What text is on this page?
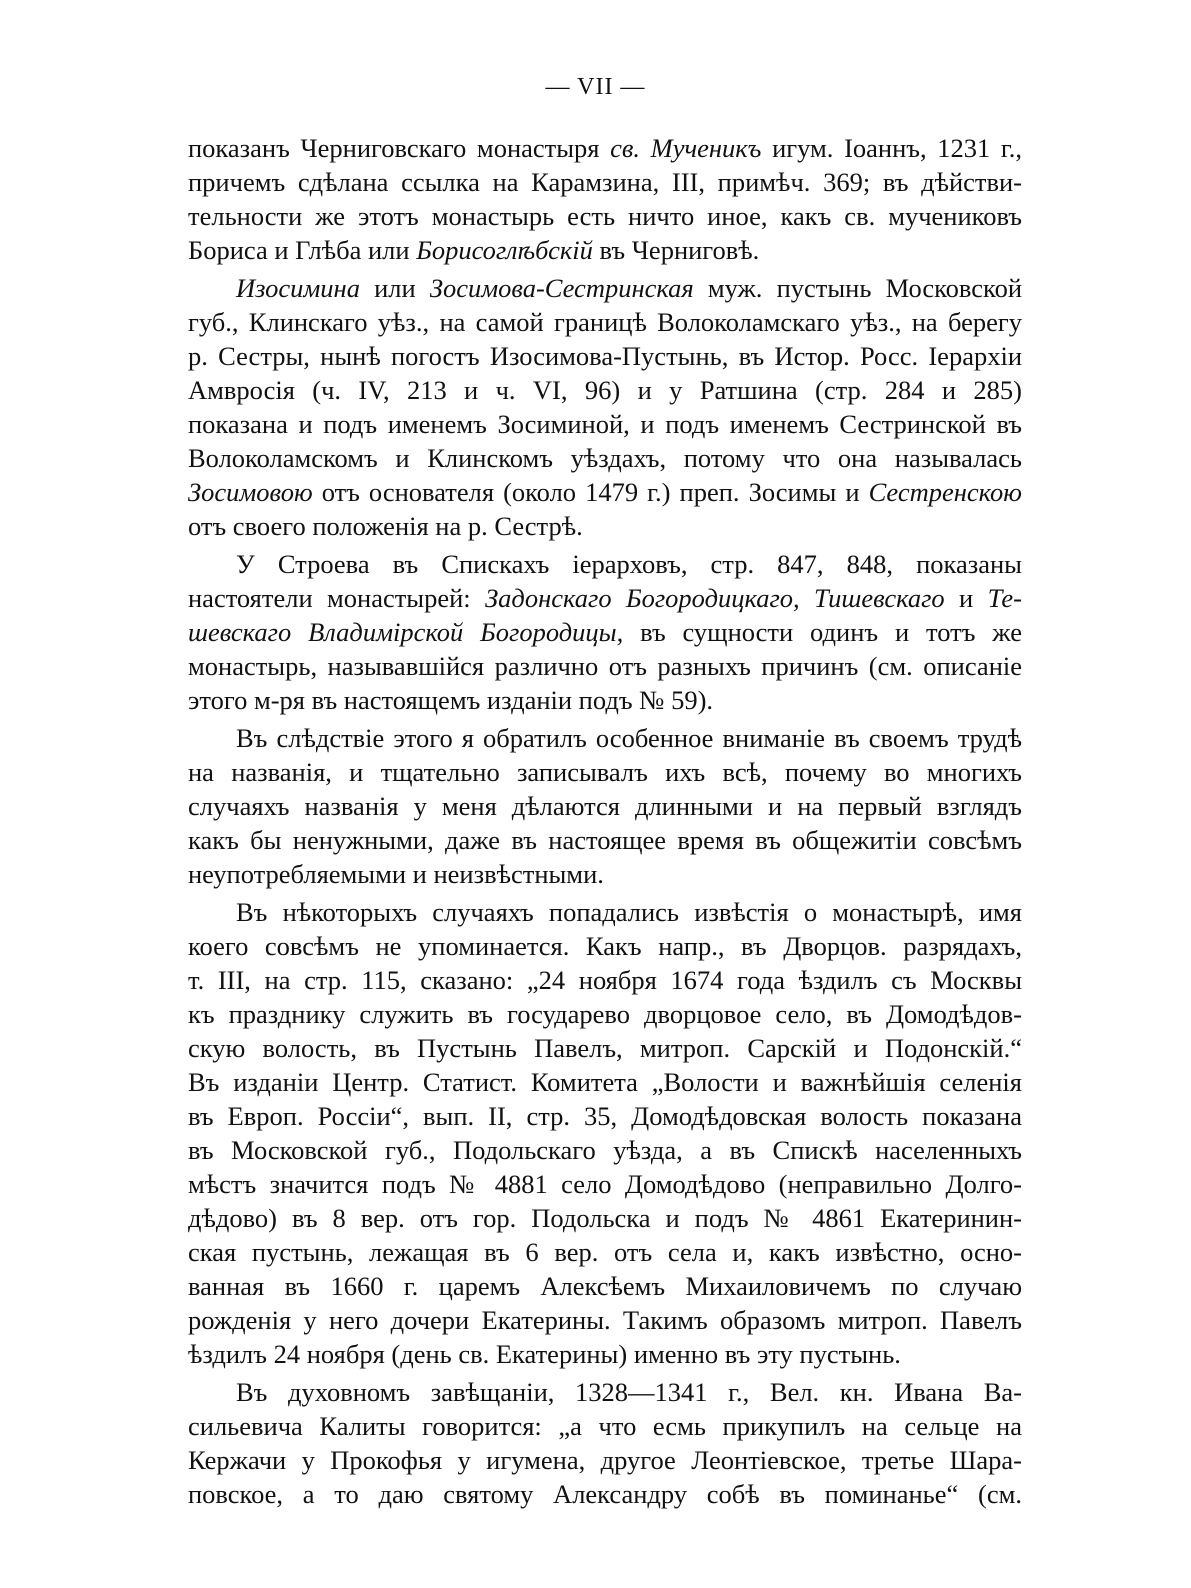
— VII —
показанъ Черниговскаго монастыря св. Мученикъ игум. Іоаннъ, 1231 г.,
причемъ сдѣлана ссылка на Карамзина, III, примѣч. 369; въ дѣйстви-
тельности же этотъ монастырь есть ничто иное, какъ св. мучениковъ
Бориса и Глѣба или Борисоглѣбскій въ Черниговѣ.
Изосимина или Зосимова-Сестринская муж. пустынь Московской
губ., Клинскаго уѣз., на самой границѣ Волоколамскаго уѣз., на берегу
р. Сестры, нынѣ погостъ Изосимова-Пустынь, въ Истор. Росс. Іерархіи
Амвросія (ч. IV, 213 и ч. VI, 96) и у Ратшина (стр. 284 и 285)
показана и подъ именемъ Зосиминой, и подъ именемъ Сестринской въ
Волоколамскомъ и Клинскомъ уѣздахъ, потому что она называлась
Зосимовою отъ основателя (около 1479 г.) преп. Зосимы и Сестренскою
отъ своего положенія на р. Сестрѣ.
У Строева въ Спискахъ іерарховъ, стр. 847, 848, показаны
настоятели монастырей: Задонскаго Богородицкаго, Тишевскаго и Те-
шевскаго Владимірской Богородицы, въ сущности одинъ и тотъ же
монастырь, называвшійся различно отъ разныхъ причинъ (см. описаніе
этого м-ря въ настоящемъ изданіи подъ № 59).
Въ слѣдствіе этого я обратилъ особенное вниманіе въ своемъ трудѣ
на названія, и тщательно записывалъ ихъ всѣ, почему во многихъ
случаяхъ названія у меня дѣлаются длинными и на первый взглядъ
какъ бы ненужными, даже въ настоящее время въ общежитіи совсѣмъ
неупотребляемыми и неизвѣстными.
Въ нѣкоторыхъ случаяхъ попадались извѣстія о монастырѣ, имя
коего совсѣмъ не упоминается. Какъ напр., въ Дворцов. разрядахъ,
т. III, на стр. 115, сказано: „24 ноября 1674 года ѣздилъ съ Москвы
къ празднику служить въ государево дворцовое село, въ Домодѣдов-
скую волость, въ Пустынь Павелъ, митроп. Сарскій и Подонскій.“
Въ изданіи Центр. Статист. Комитета „Волости и важнѣйшія селенія
въ Европ. Россіи“, вып. II, стр. 35, Домодѣдовская волость показана
въ Московской губ., Подольскаго уѣзда, а въ Спискѣ населенныхъ
мѣстъ значится подъ № 4881 село Домодѣдово (неправильно Долго-
дѣдово) въ 8 вер. отъ гор. Подольска и подъ № 4861 Екатеринин-
ская пустынь, лежащая въ 6 вер. отъ села и, какъ извѣстно, осно-
ванная въ 1660 г. царемъ Алексѣемъ Михаиловичемъ по случаю
рожденія у него дочери Екатерины. Такимъ образомъ митроп. Павелъ
ѣздилъ 24 ноября (день св. Екатерины) именно въ эту пустынь.
Въ духовномъ завѣщаніи, 1328—1341 г., Вел. кн. Ивана Ва-
сильевича Калиты говорится: „а что есмь прикупилъ на сельце на
Кержачи у Прокофья у игумена, другое Леонтіевское, третье Шара-
повское, а то даю святому Александру собѣ въ поминанье“ (см.
